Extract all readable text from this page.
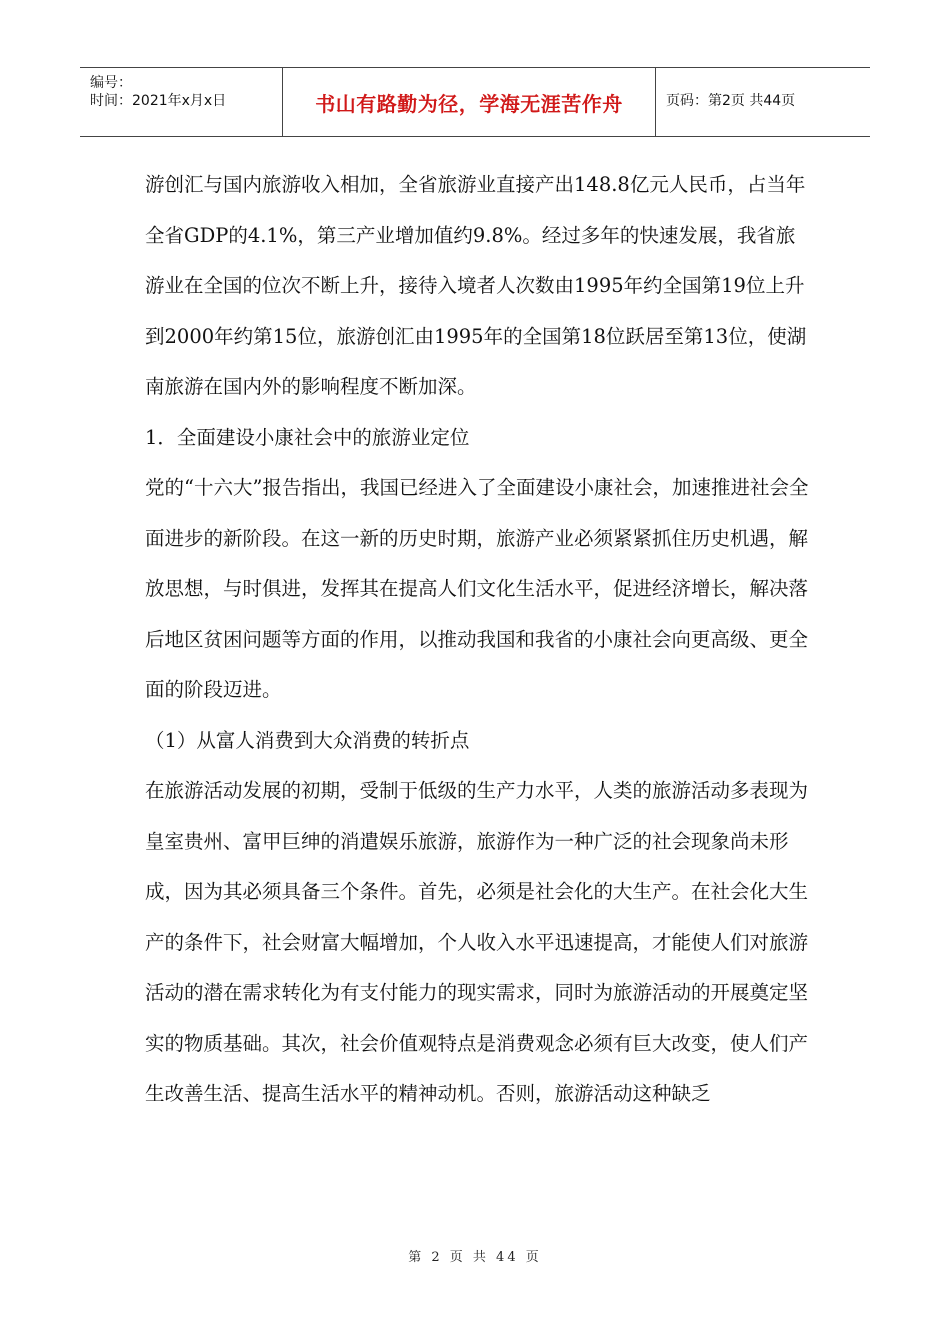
编号：
时间：2021年x月x日	书山有路勤为径，学海无涯苦作舟	页码：第2页 共44页

游创汇与国内旅游收入相加，全省旅游业直接产出148.8亿元人民币，占当年全省GDP的4.1%，第三产业增加值约9.8%。经过多年的快速发展，我省旅游业在全国的位次不断上升，接待入境者人次数由1995年约全国第19位上升到2000年约第15位，旅游创汇由1995年的全国第18位跃居至第13位，使湖南旅游在国内外的影响程度不断加深。

1．全面建设小康社会中的旅游业定位

党的“十六大”报告指出，我国已经进入了全面建设小康社会，加速推进社会全面进步的新阶段。在这一新的历史时期，旅游产业必须紧紧抓住历史机遇，解放思想，与时俱进，发挥其在提高人们文化生活水平，促进经济增长，解决落后地区贫困问题等方面的作用，以推动我国和我省的小康社会向更高级、更全面的阶段迈进。

（1）从富人消费到大众消费的转折点

在旅游活动发展的初期，受制于低级的生产力水平，人类的旅游活动多表现为皇室贵州、富甲巨绅的消遣娱乐旅游，旅游作为一种广泛的社会现象尚未形成，因为其必须具备三个条件。首先，必须是社会化的大生产。在社会化大生产的条件下，社会财富大幅增加，个人收入水平迅速提高，才能使人们对旅游活动的潜在需求转化为有支付能力的现实需求，同时为旅游活动的开展奠定坚实的物质基础。其次，社会价值观特点是消费观念必须有巨大改变，使人们产生改善生活、提高生活水平的精神动机。否则，旅游活动这种缺乏

第 2 页 共 44 页
